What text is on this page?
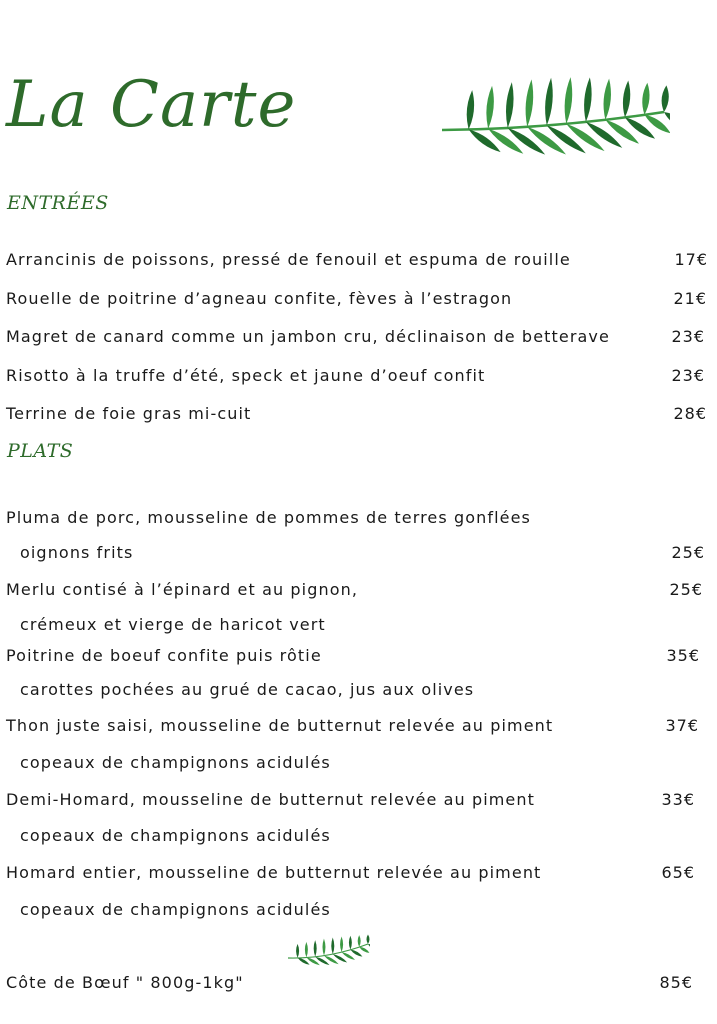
La Carte
ENTRÉES
Arrancinis de poissons, pressé de fenouil et espuma de rouille	17€
Rouelle de poitrine d’agneau confite, fèves à l’estragon	21€
Magret de canard comme un jambon cru, déclinaison de betterave	23€
Risotto à la truffe d’été, speck et jaune d’oeuf confit	23€
Terrine de foie gras mi-cuit	28€
PLATS
Pluma de porc, mousseline de pommes de terres gonflées
oignons frits	25€
Merlu contisé à l’épinard et au pignon,	25€
crémeux et vierge de haricot vert
Poitrine de boeuf confite puis rôtie	35€
carottes pochées au grué de cacao, jus aux olives
Thon juste saisi, mousseline de butternut relevée au piment	37€
copeaux de champignons acidulés
Demi-Homard, mousseline de butternut relevée au piment	33€
copeaux de champignons acidulés
Homard entier, mousseline de butternut relevée au piment	65€
copeaux de champignons acidulés
Côte de Bœuf " 800g-1kg"	85€
